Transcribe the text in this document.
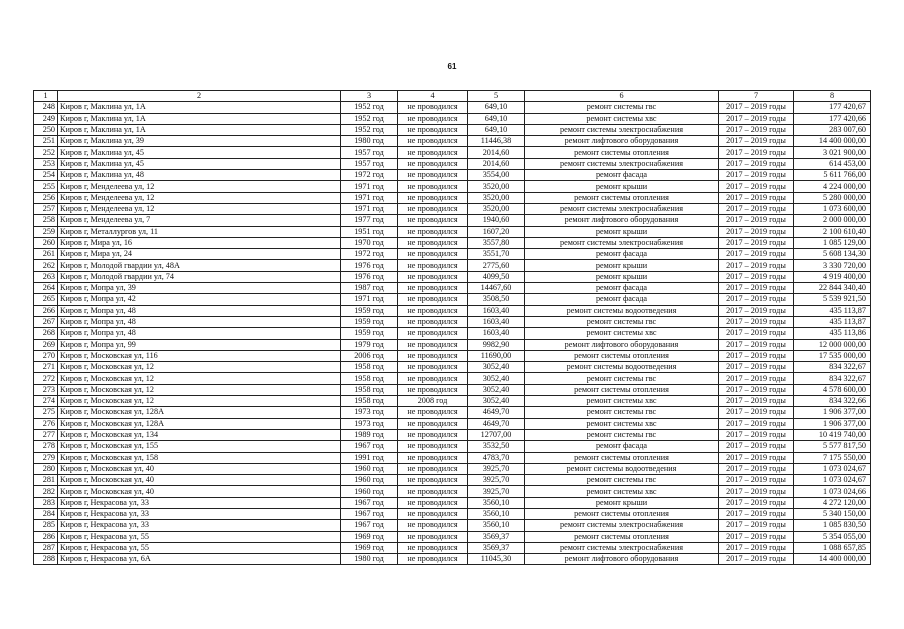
61
1	2	3	4	5	6	7	8
248	Киров г, Маклина ул, 1А	1952 год	не проводился	649,10	ремонт системы гвс	2017 – 2019 годы	177 420,67
249	Киров г, Маклина ул, 1А	1952 год	не проводился	649,10	ремонт системы хвс	2017 – 2019 годы	177 420,66
250	Киров г, Маклина ул, 1А	1952 год	не проводился	649,10	ремонт системы электроснабжения	2017 – 2019 годы	283 007,60
251	Киров г, Маклина ул, 39	1980 год	не проводился	11446,38	ремонт лифтового оборудования	2017 – 2019 годы	14 400 000,00
252	Киров г, Маклина ул, 45	1957 год	не проводился	2014,60	ремонт системы отопления	2017 – 2019 годы	3 021 900,00
253	Киров г, Маклина ул, 45	1957 год	не проводился	2014,60	ремонт системы электроснабжения	2017 – 2019 годы	614 453,00
254	Киров г, Маклина ул, 48	1972 год	не проводился	3554,00	ремонт фасада	2017 – 2019 годы	5 611 766,00
255	Киров г, Менделеева ул, 12	1971 год	не проводился	3520,00	ремонт крыши	2017 – 2019 годы	4 224 000,00
256	Киров г, Менделеева ул, 12	1971 год	не проводился	3520,00	ремонт системы отопления	2017 – 2019 годы	5 280 000,00
257	Киров г, Менделеева ул, 12	1971 год	не проводился	3520,00	ремонт системы электроснабжения	2017 – 2019 годы	1 073 600,00
258	Киров г, Менделеева ул, 7	1977 год	не проводился	1940,60	ремонт лифтового оборудования	2017 – 2019 годы	2 000 000,00
259	Киров г, Металлургов ул, 11	1951 год	не проводился	1607,20	ремонт крыши	2017 – 2019 годы	2 100 610,40
260	Киров г, Мира ул, 16	1970 год	не проводился	3557,80	ремонт системы электроснабжения	2017 – 2019 годы	1 085 129,00
261	Киров г, Мира ул, 24	1972 год	не проводился	3551,70	ремонт фасада	2017 – 2019 годы	5 608 134,30
262	Киров г, Молодой гвардии ул, 48А	1976 год	не проводился	2775,60	ремонт крыши	2017 – 2019 годы	3 330 720,00
263	Киров г, Молодой гвардии ул, 74	1976 год	не проводился	4099,50	ремонт крыши	2017 – 2019 годы	4 919 400,00
264	Киров г, Мопра ул, 39	1987 год	не проводился	14467,60	ремонт фасада	2017 – 2019 годы	22 844 340,40
265	Киров г, Мопра ул, 42	1971 год	не проводился	3508,50	ремонт фасада	2017 – 2019 годы	5 539 921,50
266	Киров г, Мопра ул, 48	1959 год	не проводился	1603,40	ремонт системы водоотведения	2017 – 2019 годы	435 113,87
267	Киров г, Мопра ул, 48	1959 год	не проводился	1603,40	ремонт системы гвс	2017 – 2019 годы	435 113,87
268	Киров г, Мопра ул, 48	1959 год	не проводился	1603,40	ремонт системы хвс	2017 – 2019 годы	435 113,86
269	Киров г, Мопра ул, 99	1979 год	не проводился	9982,90	ремонт лифтового оборудования	2017 – 2019 годы	12 000 000,00
270	Киров г, Московская ул, 116	2006 год	не проводился	11690,00	ремонт системы отопления	2017 – 2019 годы	17 535 000,00
271	Киров г, Московская ул, 12	1958 год	не проводился	3052,40	ремонт системы водоотведения	2017 – 2019 годы	834 322,67
272	Киров г, Московская ул, 12	1958 год	не проводился	3052,40	ремонт системы гвс	2017 – 2019 годы	834 322,67
273	Киров г, Московская ул, 12	1958 год	не проводился	3052,40	ремонт системы отопления	2017 – 2019 годы	4 578 600,00
274	Киров г, Московская ул, 12	1958 год	2008 год	3052,40	ремонт системы хвс	2017 – 2019 годы	834 322,66
275	Киров г, Московская ул, 128А	1973 год	не проводился	4649,70	ремонт системы гвс	2017 – 2019 годы	1 906 377,00
276	Киров г, Московская ул, 128А	1973 год	не проводился	4649,70	ремонт системы хвс	2017 – 2019 годы	1 906 377,00
277	Киров г, Московская ул, 134	1989 год	не проводился	12707,00	ремонт системы гвс	2017 – 2019 годы	10 419 740,00
278	Киров г, Московская ул, 155	1967 год	не проводился	3532,50	ремонт фасада	2017 – 2019 годы	5 577 817,50
279	Киров г, Московская ул, 158	1991 год	не проводился	4783,70	ремонт системы отопления	2017 – 2019 годы	7 175 550,00
280	Киров г, Московская ул, 40	1960 год	не проводился	3925,70	ремонт системы водоотведения	2017 – 2019 годы	1 073 024,67
281	Киров г, Московская ул, 40	1960 год	не проводился	3925,70	ремонт системы гвс	2017 – 2019 годы	1 073 024,67
282	Киров г, Московская ул, 40	1960 год	не проводился	3925,70	ремонт системы хвс	2017 – 2019 годы	1 073 024,66
283	Киров г, Некрасова ул, 33	1967 год	не проводился	3560,10	ремонт крыши	2017 – 2019 годы	4 272 120,00
284	Киров г, Некрасова ул, 33	1967 год	не проводился	3560,10	ремонт системы отопления	2017 – 2019 годы	5 340 150,00
285	Киров г, Некрасова ул, 33	1967 год	не проводился	3560,10	ремонт системы электроснабжения	2017 – 2019 годы	1 085 830,50
286	Киров г, Некрасова ул, 55	1969 год	не проводился	3569,37	ремонт системы отопления	2017 – 2019 годы	5 354 055,00
287	Киров г, Некрасова ул, 55	1969 год	не проводился	3569,37	ремонт системы электроснабжения	2017 – 2019 годы	1 088 657,85
288	Киров г, Некрасова ул, 6А	1980 год	не проводился	11045,30	ремонт лифтового оборудования	2017 – 2019 годы	14 400 000,00
